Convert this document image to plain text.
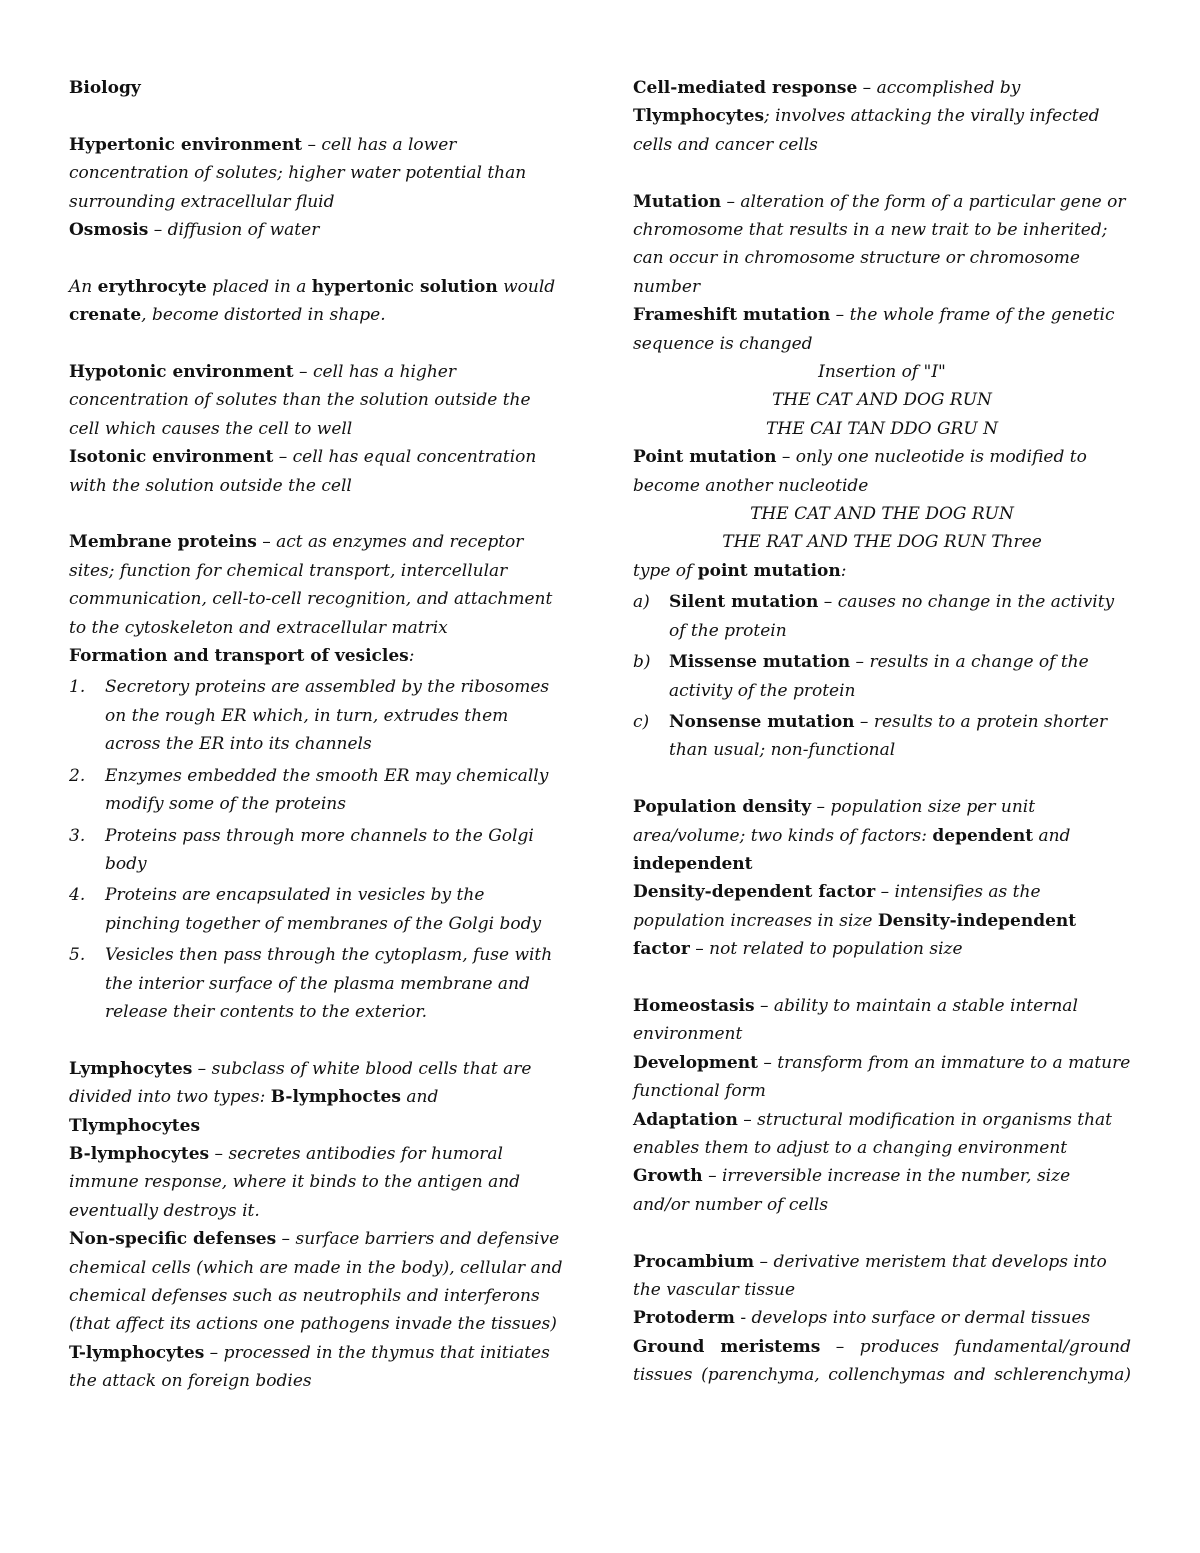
Biology

Hypertonic environment – cell has a lower concentration of solutes; higher water potential than surrounding extracellular fluid

Osmosis – diffusion of water

An erythrocyte placed in a hypertonic solution would crenate, become distorted in shape.

Hypotonic environment – cell has a higher concentration of solutes than the solution outside the cell which causes the cell to well

Isotonic environment – cell has equal concentration with the solution outside the cell

Membrane proteins – act as enzymes and receptor sites; function for chemical transport, intercellular communication, cell-to-cell recognition, and attachment to the cytoskeleton and extracellular matrix

Formation and transport of vesicles:

1. Secretory proteins are assembled by the ribosomes on the rough ER which, in turn, extrudes them across the ER into its channels
2. Enzymes embedded the smooth ER may chemically modify some of the proteins
3. Proteins pass through more channels to the Golgi body
4. Proteins are encapsulated in vesicles by the pinching together of membranes of the Golgi body
5. Vesicles then pass through the cytoplasm, fuse with the interior surface of the plasma membrane and release their contents to the exterior.

Lymphocytes – subclass of white blood cells that are divided into two types: B-lymphoctes and
Tlymphocytes

B-lymphocytes – secretes antibodies for humoral immune response, where it binds to the antigen and eventually destroys it.

Non-specific defenses – surface barriers and defensive chemical cells (which are made in the body), cellular and chemical defenses such as neutrophils and interferons (that affect its actions one pathogens invade the tissues) T-lymphocytes – processed in the thymus that initiates the attack on foreign bodies

Cell-mediated response – accomplished by
Tlymphocytes; involves attacking the virally infected cells and cancer cells

Mutation – alteration of the form of a particular gene or chromosome that results in a new trait to be inherited; can occur in chromosome structure or chromosome number

Frameshift mutation – the whole frame of the genetic sequence is changed

Insertion of "I"

THE CAT AND DOG RUN

THE CAI TAN DDO GRU N

Point mutation – only one nucleotide is modified to become another nucleotide

THE CAT AND THE DOG RUN

THE RAT AND THE DOG RUN Three

type of point mutation:

a) Silent mutation – causes no change in the activity of the protein
b) Missense mutation – results in a change of the activity of the protein
c) Nonsense mutation – results to a protein shorter than usual; non-functional

Population density – population size per unit area/volume; two kinds of factors: dependent and
independent

Density-dependent factor – intensifies as the population increases in size Density-independent factor – not related to population size

Homeostasis – ability to maintain a stable internal environment

Development – transform from an immature to a mature functional form

Adaptation – structural modification in organisms that enables them to adjust to a changing environment

Growth – irreversible increase in the number, size and/or number of cells

Procambium – derivative meristem that develops into the vascular tissue

Protoderm - develops into surface or dermal tissues

Ground meristems – produces fundamental/ground tissues (parenchyma, collenchymas and schlerenchyma)
